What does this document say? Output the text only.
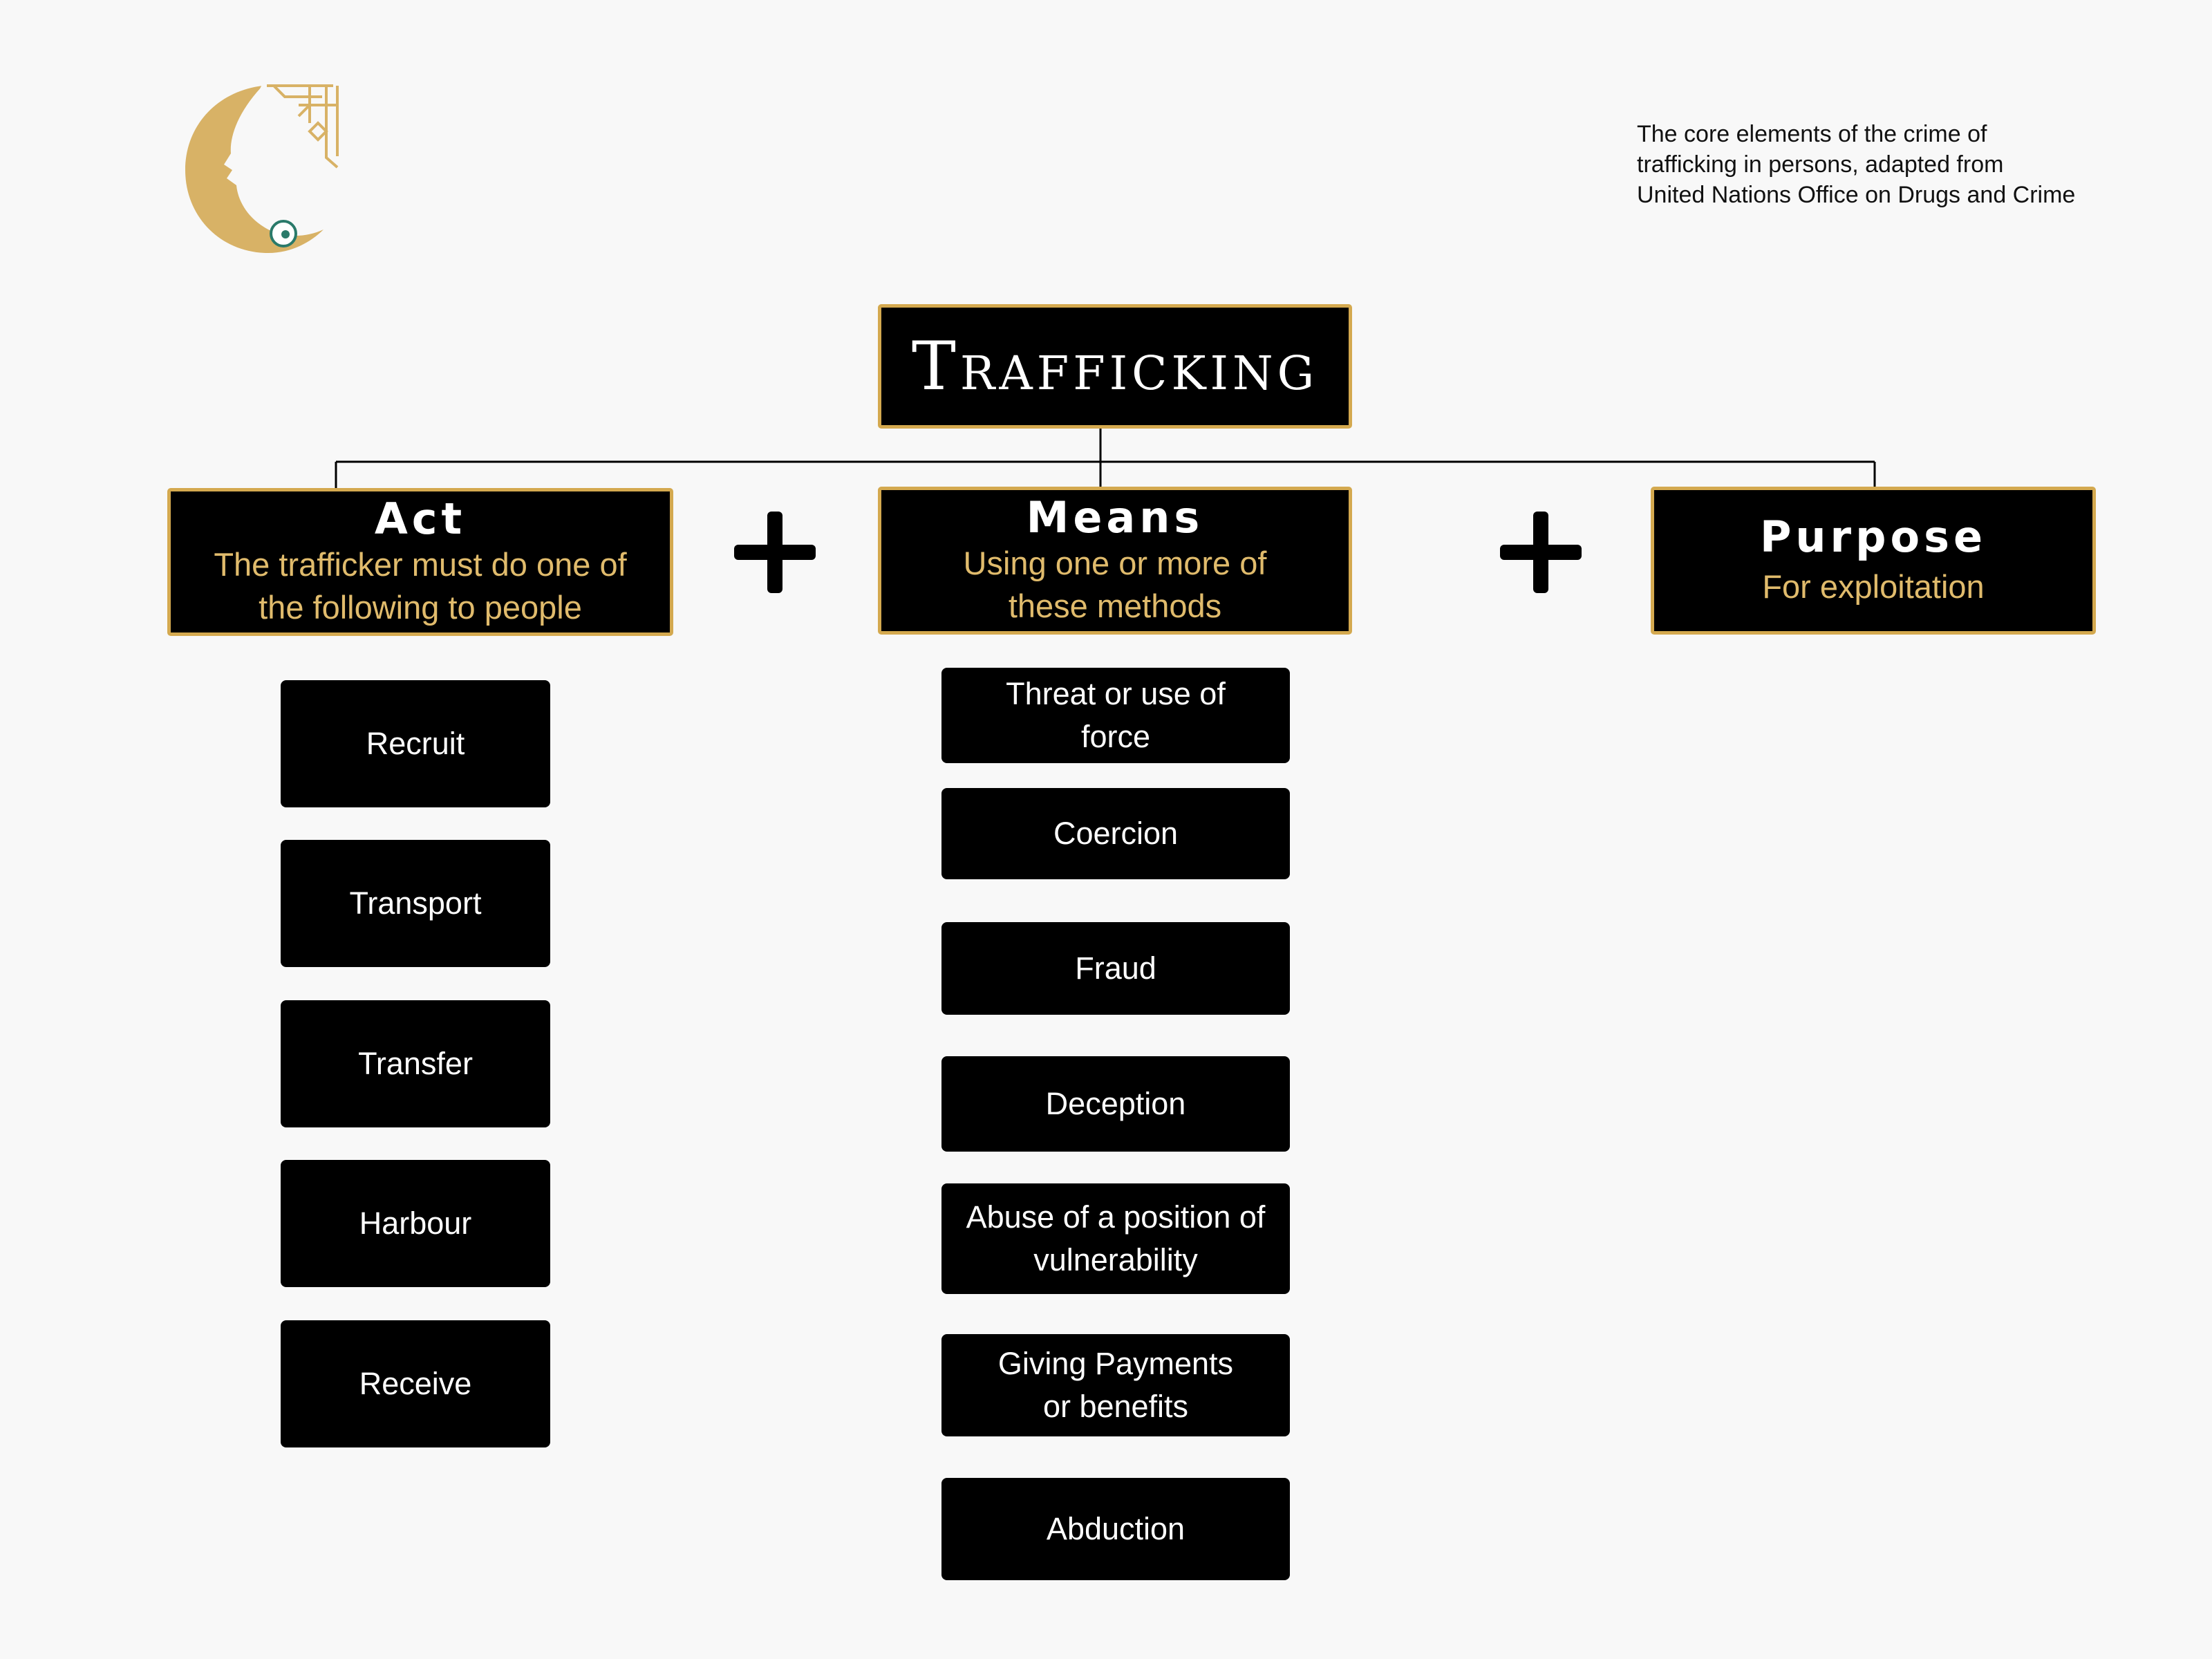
The core elements of the crime of
trafficking in persons, adapted from
United Nations Office on Drugs and Crime
Trafficking
Act
The trafficker must do one of
the following to people
Means
Using one or more of
these methods
Purpose
For exploitation
Recruit
Transport
Transfer
Harbour
Receive
Threat or use of force
Coercion
Fraud
Deception
Abuse of a position of vulnerability
Giving Payments or benefits
Abduction
